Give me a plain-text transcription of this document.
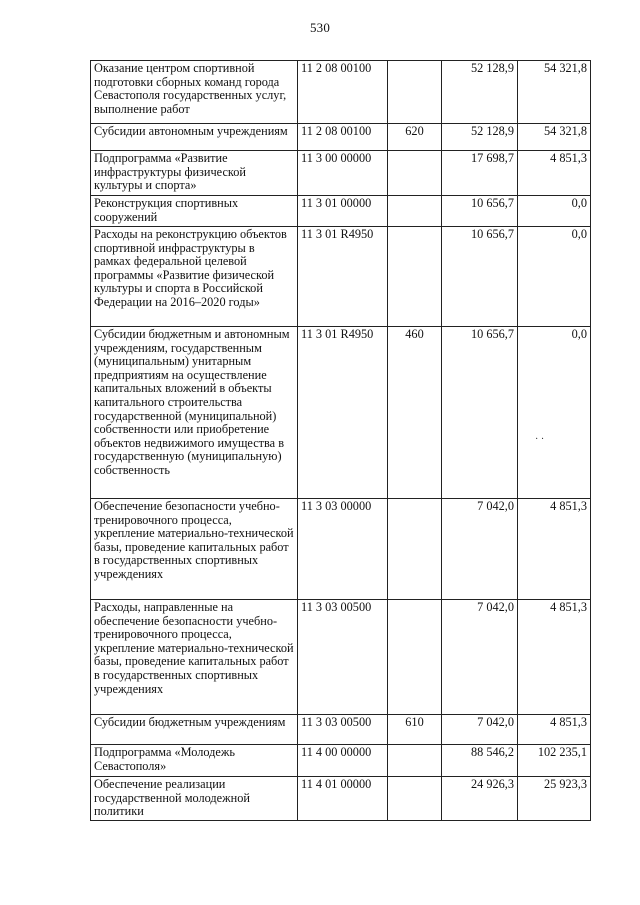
530
Оказание центром спортивной подготовки сборных команд города Севастополя государственных услуг, выполнение работ	11 2 08 00100		52 128,9	54 321,8
Субсидии автономным учреждениям	11 2 08 00100	620	52 128,9	54 321,8
Подпрограмма «Развитие инфраструктуры физической культуры и спорта»	11 3 00 00000		17 698,7	4 851,3
Реконструкция спортивных сооружений	11 3 01 00000		10 656,7	0,0
Расходы на реконструкцию объектов спортивной инфраструктуры в рамках федеральной целевой программы «Развитие физической культуры и спорта в Российской Федерации на 2016–2020 годы»	11 3 01 R4950		10 656,7	0,0
Субсидии бюджетным и автономным учреждениям, государственным (муниципальным) унитарным предприятиям на осуществление капитальных вложений в объекты капитального строительства государственной (муниципальной) собственности или приобретение объектов недвижимого имущества в государственную (муниципальную) собственность	11 3 01 R4950	460	10 656,7	0,0
Обеспечение безопасности учебно-тренировочного процесса, укрепление материально-технической базы, проведение капитальных работ в государственных спортивных учреждениях	11 3 03 00000		7 042,0	4 851,3
Расходы, направленные на обеспечение безопасности учебно-тренировочного процесса, укрепление материально-технической базы, проведение капитальных работ в государственных спортивных учреждениях	11 3 03 00500		7 042,0	4 851,3
Субсидии бюджетным учреждениям	11 3 03 00500	610	7 042,0	4 851,3
Подпрограмма «Молодежь Севастополя»	11 4 00 00000		88 546,2	102 235,1
Обеспечение реализации государственной молодежной политики	11 4 01 00000		24 926,3	25 923,3
· ·
